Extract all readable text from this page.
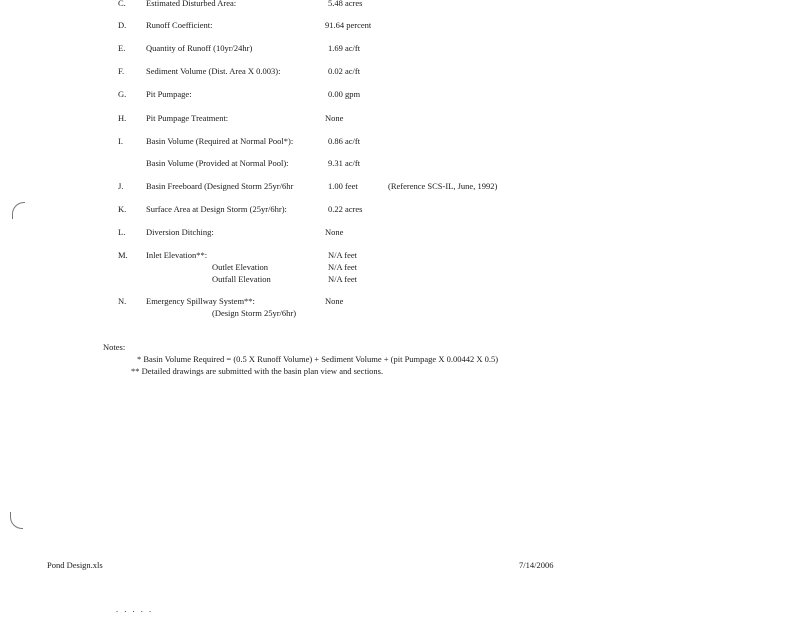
C. Estimated Disturbed Area:	5.48 acres
D. Runoff Coefficient:	91.64 percent
E. Quantity of Runoff (10yr/24hr)	1.69 ac/ft
F.	Sediment Volume (Dist. Area X 0.003):	0.02 ac/ft
G. Pit Pumpage:	0.00 gpm
H. Pit Pumpage Treatment:	None
I.	Basin Volume (Required at Normal Pool*):	0.86 ac/ft
Basin Volume (Provided at Normal Pool):	9.31 ac/ft
J.	Basin Freeboard (Designed Storm 25yr/6hr	1.00 feet	(Reference SCS-IL, June, 1992)
K. Surface Area at Design Storm (25yr/6hr):	0.22 acres
L. Diversion Ditching:	None
M. Inlet Elevation**:	N/A feet
Outlet Elevation	N/A feet
Outfall Elevation	N/A feet
N. Emergency Spillway System**:	None
(Design Storm 25yr/6hr)
Notes:
* Basin Volume Required = (0.5 X Runoff Volume) + Sediment Volume + (pit Pumpage X 0.00442 X 0.5)
** Detailed drawings are submitted with the basin plan view and sections.
Pond Design.xls	7/14/2006
. . . . .
